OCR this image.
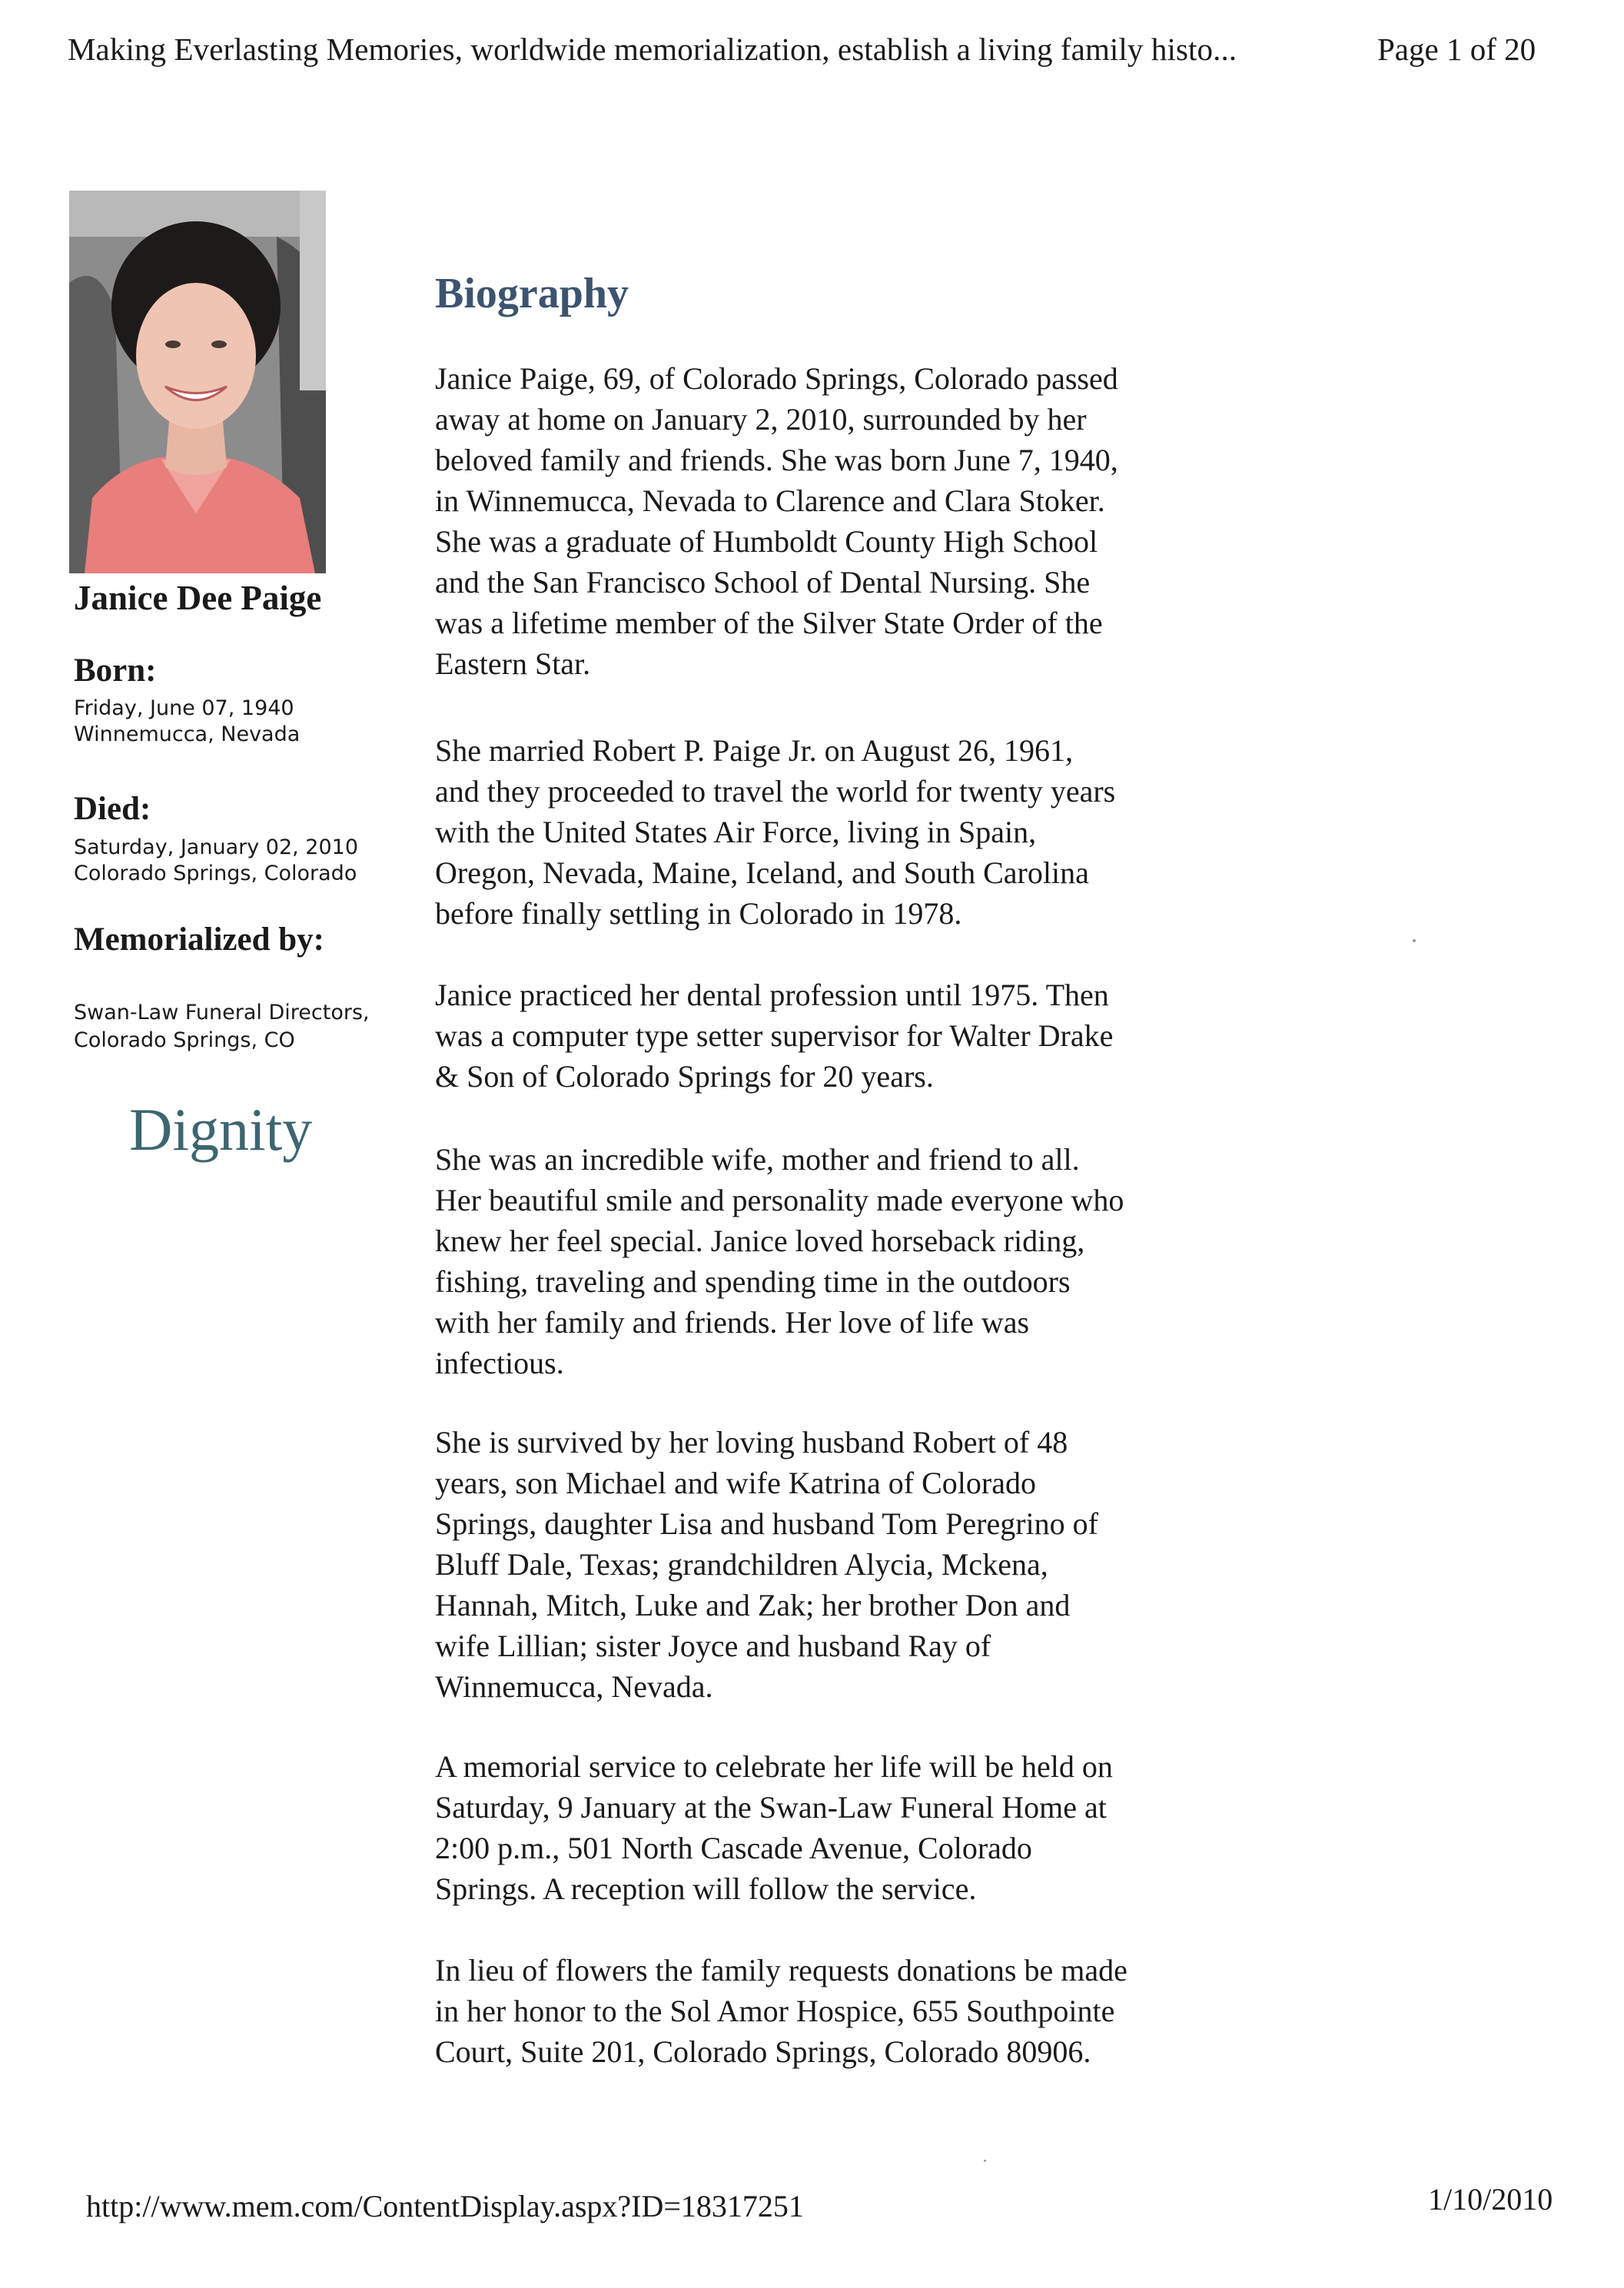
Making Everlasting Memories, worldwide memorialization, establish a living family histo...	Page 1 of 20
Janice Dee Paige
Born:
Friday, June 07, 1940
Winnemucca, Nevada
Died:
Saturday, January 02, 2010
Colorado Springs, Colorado
Memorialized by:
Swan-Law Funeral Directors,
Colorado Springs, CO
Dignity
Biography
Janice Paige, 69, of Colorado Springs, Colorado passed
away at home on January 2, 2010, surrounded by her
beloved family and friends. She was born June 7, 1940,
in Winnemucca, Nevada to Clarence and Clara Stoker.
She was a graduate of Humboldt County High School
and the San Francisco School of Dental Nursing. She
was a lifetime member of the Silver State Order of the
Eastern Star.
She married Robert P. Paige Jr. on August 26, 1961,
and they proceeded to travel the world for twenty years
with the United States Air Force, living in Spain,
Oregon, Nevada, Maine, Iceland, and South Carolina
before finally settling in Colorado in 1978.
Janice practiced her dental profession until 1975. Then
was a computer type setter supervisor for Walter Drake
& Son of Colorado Springs for 20 years.
She was an incredible wife, mother and friend to all.
Her beautiful smile and personality made everyone who
knew her feel special. Janice loved horseback riding,
fishing, traveling and spending time in the outdoors
with her family and friends. Her love of life was
infectious.
She is survived by her loving husband Robert of 48
years, son Michael and wife Katrina of Colorado
Springs, daughter Lisa and husband Tom Peregrino of
Bluff Dale, Texas; grandchildren Alycia, Mckena,
Hannah, Mitch, Luke and Zak; her brother Don and
wife Lillian; sister Joyce and husband Ray of
Winnemucca, Nevada.
A memorial service to celebrate her life will be held on
Saturday, 9 January at the Swan-Law Funeral Home at
2:00 p.m., 501 North Cascade Avenue, Colorado
Springs. A reception will follow the service.
In lieu of flowers the family requests donations be made
in her honor to the Sol Amor Hospice, 655 Southpointe
Court, Suite 201, Colorado Springs, Colorado 80906.
http://www.mem.com/ContentDisplay.aspx?ID=18317251	1/10/2010
